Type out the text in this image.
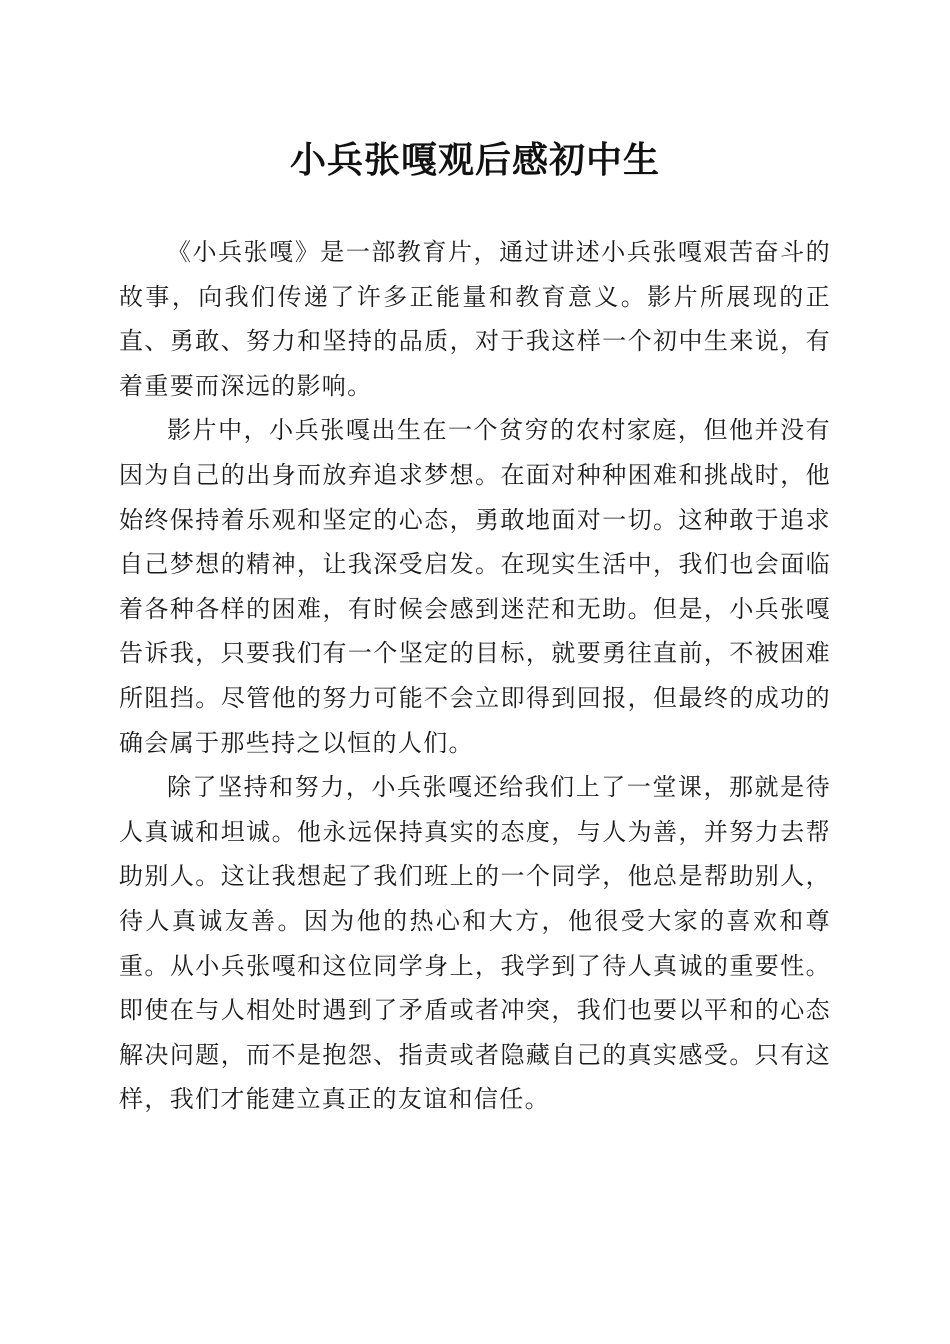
小兵张嘎观后感初中生

《小兵张嘎》是一部教育片，通过讲述小兵张嘎艰苦奋斗的故事，向我们传递了许多正能量和教育意义。影片所展现的正直、勇敢、努力和坚持的品质，对于我这样一个初中生来说，有着重要而深远的影响。

影片中，小兵张嘎出生在一个贫穷的农村家庭，但他并没有因为自己的出身而放弃追求梦想。在面对种种困难和挑战时，他始终保持着乐观和坚定的心态，勇敢地面对一切。这种敢于追求自己梦想的精神，让我深受启发。在现实生活中，我们也会面临着各种各样的困难，有时候会感到迷茫和无助。但是，小兵张嘎告诉我，只要我们有一个坚定的目标，就要勇往直前，不被困难所阻挡。尽管他的努力可能不会立即得到回报，但最终的成功的确会属于那些持之以恒的人们。

除了坚持和努力，小兵张嘎还给我们上了一堂课，那就是待人真诚和坦诚。他永远保持真实的态度，与人为善，并努力去帮助别人。这让我想起了我们班上的一个同学，他总是帮助别人，待人真诚友善。因为他的热心和大方，他很受大家的喜欢和尊重。从小兵张嘎和这位同学身上，我学到了待人真诚的重要性。即使在与人相处时遇到了矛盾或者冲突，我们也要以平和的心态解决问题，而不是抱怨、指责或者隐藏自己的真实感受。只有这样，我们才能建立真正的友谊和信任。
